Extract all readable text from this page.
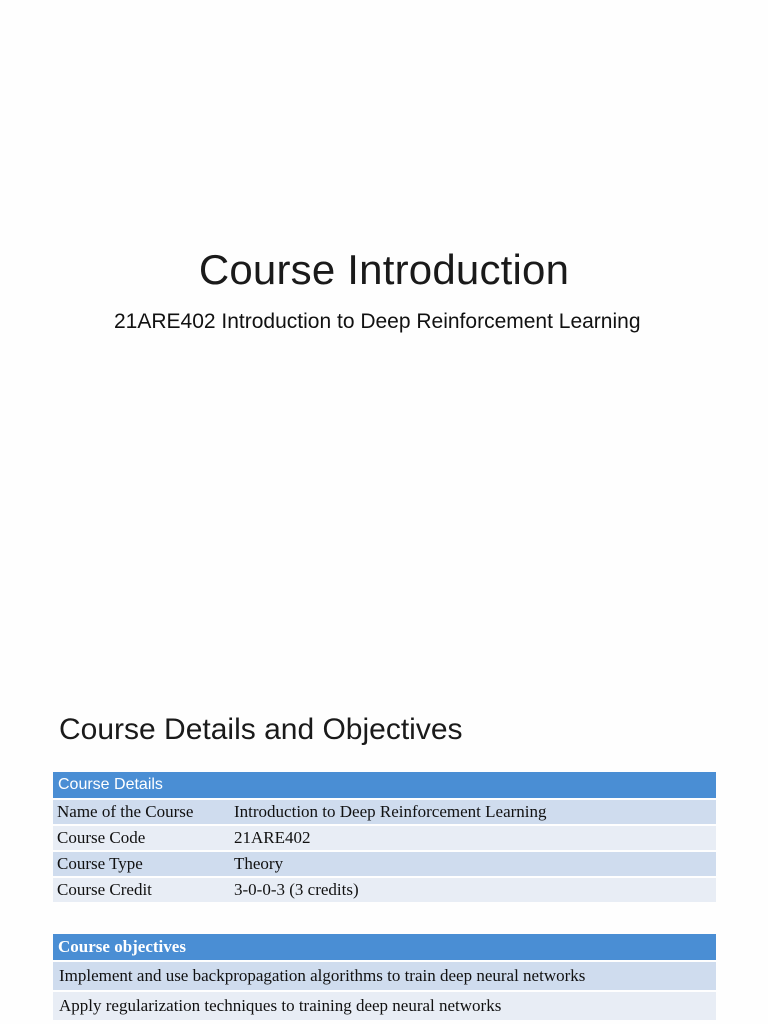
Course Introduction
21ARE402 Introduction to Deep Reinforcement Learning
Course Details and Objectives
Course Details	
Name of the Course	Introduction to Deep Reinforcement Learning
Course Code	21ARE402
Course Type	Theory
Course Credit	3-0-0-3 (3 credits)
Course objectives
Implement and use backpropagation algorithms to train deep neural networks
Apply regularization techniques to training deep neural networks
